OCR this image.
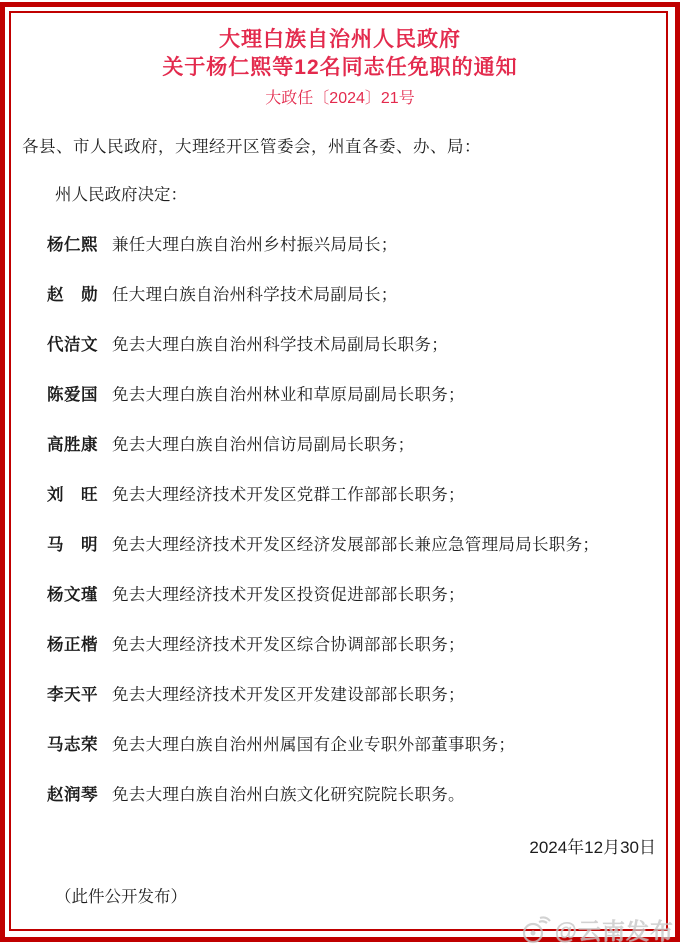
大理白族自治州人民政府
关于杨仁熙等12名同志任免职的通知
大政任〔2024〕21号
各县、市人民政府，大理经开区管委会，州直各委、办、局：
州人民政府决定：
杨仁熙 兼任大理白族自治州乡村振兴局局长；
赵　勋 任大理白族自治州科学技术局副局长；
代洁文 免去大理白族自治州科学技术局副局长职务；
陈爱国 免去大理白族自治州林业和草原局副局长职务；
高胜康 免去大理白族自治州信访局副局长职务；
刘　旺 免去大理经济技术开发区党群工作部部长职务；
马　明 免去大理经济技术开发区经济发展部部长兼应急管理局局长职务；
杨文瑾 免去大理经济技术开发区投资促进部部长职务；
杨正楷 免去大理经济技术开发区综合协调部部长职务；
李天平 免去大理经济技术开发区开发建设部部长职务；
马志荣 免去大理白族自治州州属国有企业专职外部董事职务；
赵润琴 免去大理白族自治州白族文化研究院院长职务。
2024年12月30日
（此件公开发布）
@云南发布
